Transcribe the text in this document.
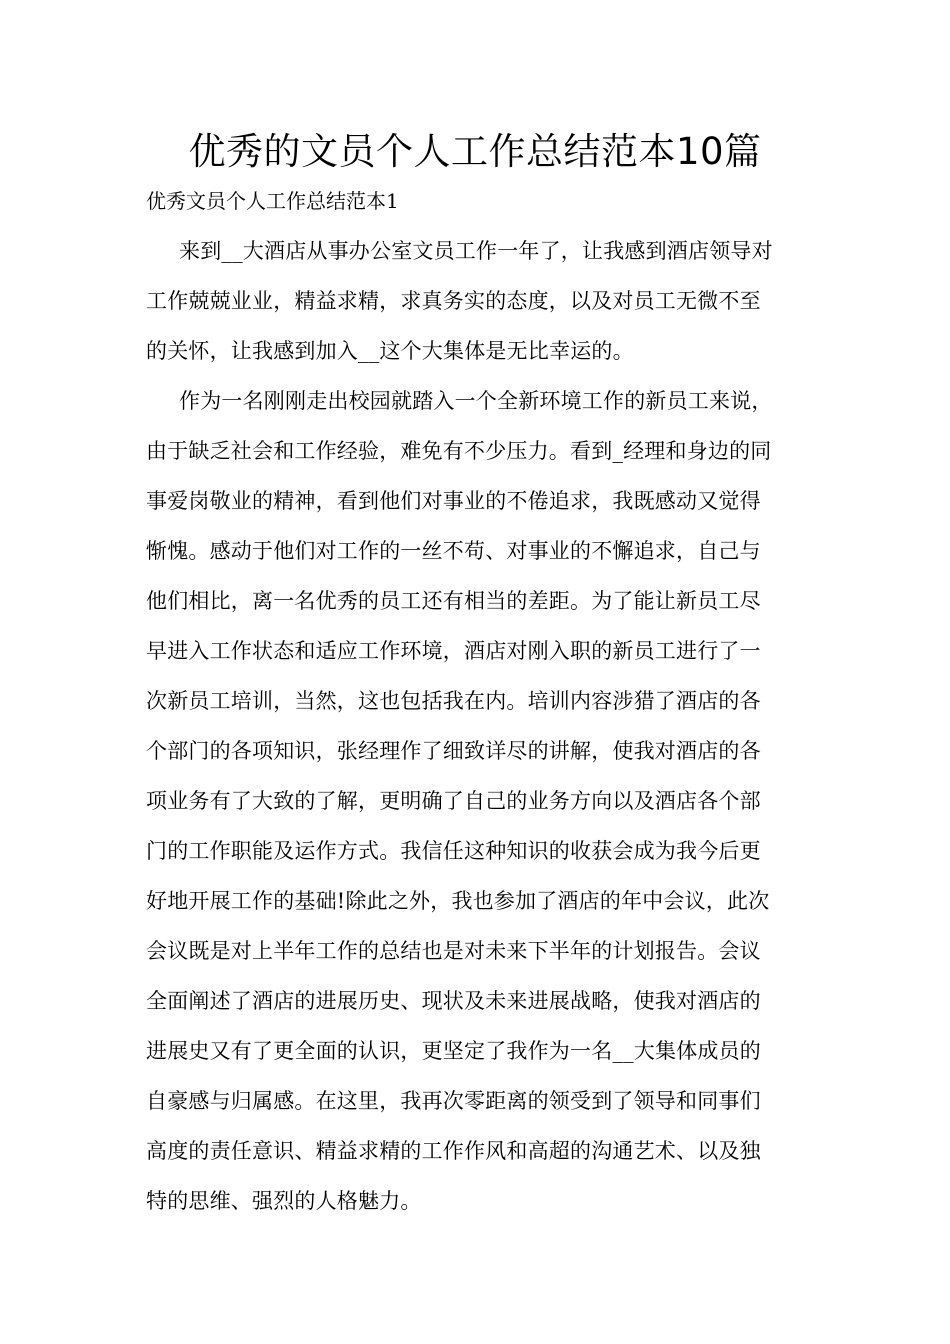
优秀的文员个人工作总结范本10篇

优秀文员个人工作总结范本1

来到__大酒店从事办公室文员工作一年了，让我感到酒店领导对
工作兢兢业业，精益求精，求真务实的态度，以及对员工无微不至
的关怀，让我感到加入__这个大集体是无比幸运的。
作为一名刚刚走出校园就踏入一个全新环境工作的新员工来说，
由于缺乏社会和工作经验，难免有不少压力。看到_经理和身边的同
事爱岗敬业的精神，看到他们对事业的不倦追求，我既感动又觉得
惭愧。感动于他们对工作的一丝不苟、对事业的不懈追求，自己与
他们相比，离一名优秀的员工还有相当的差距。为了能让新员工尽
早进入工作状态和适应工作环境，酒店对刚入职的新员工进行了一
次新员工培训，当然，这也包括我在内。培训内容涉猎了酒店的各
个部门的各项知识，张经理作了细致详尽的讲解，使我对酒店的各
项业务有了大致的了解，更明确了自己的业务方向以及酒店各个部
门的工作职能及运作方式。我信任这种知识的收获会成为我今后更
好地开展工作的基础!除此之外，我也参加了酒店的年中会议，此次
会议既是对上半年工作的总结也是对未来下半年的计划报告。会议
全面阐述了酒店的进展历史、现状及未来进展战略，使我对酒店的
进展史又有了更全面的认识，更坚定了我作为一名__大集体成员的
自豪感与归属感。在这里，我再次零距离的领受到了领导和同事们
高度的责任意识、精益求精的工作作风和高超的沟通艺术、以及独
特的思维、强烈的人格魅力。
